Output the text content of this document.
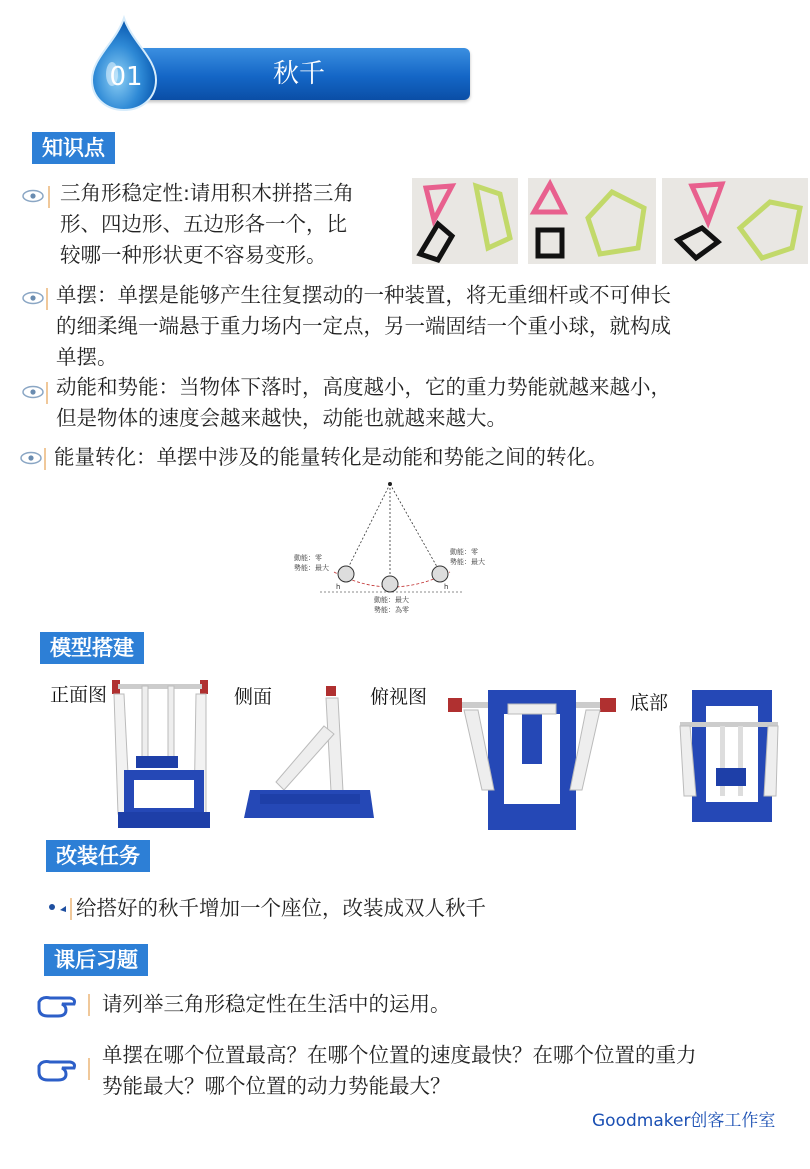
秋千
01
知识点
三角形稳定性:请用积木拼搭三角
形、四边形、五边形各一个，比
较哪一种形状更不容易变形。
单摆：单摆是能够产生往复摆动的一种装置，将无重细杆或不可伸长
的细柔绳一端悬于重力场内一定点，另一端固结一个重小球，就构成
单摆。
动能和势能：当物体下落时，高度越小，它的重力势能就越来越小，
但是物体的速度会越来越快，动能也就越来越大。
能量转化：单摆中涉及的能量转化是动能和势能之间的转化。
動能：零
勢能：最大
動能：零
勢能：最大
動能：最大
勢能：為零
h	h
模型搭建
正面图	侧面	俯视图	底部
改装任务
给搭好的秋千增加一个座位，改装成双人秋千
课后习题
请列举三角形稳定性在生活中的运用。
单摆在哪个位置最高？在哪个位置的速度最快？在哪个位置的重力
势能最大？哪个位置的动力势能最大？
Goodmaker创客工作室
